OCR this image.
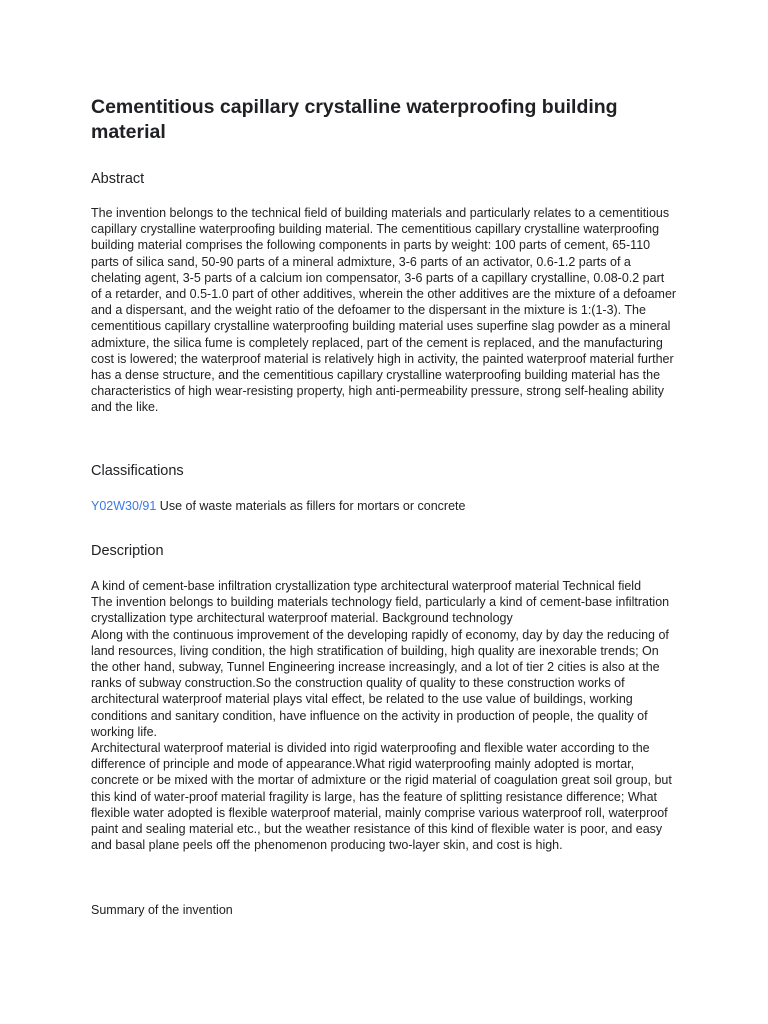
Cementitious capillary crystalline waterproofing building material
Abstract

The invention belongs to the technical field of building materials and particularly relates to a cementitious capillary crystalline waterproofing building material. The cementitious capillary crystalline waterproofing building material comprises the following components in parts by weight: 100 parts of cement, 65-110 parts of silica sand, 50-90 parts of a mineral admixture, 3-6 parts of an activator, 0.6-1.2 parts of a chelating agent, 3-5 parts of a calcium ion compensator, 3-6 parts of a capillary crystalline, 0.08-0.2 part of a retarder, and 0.5-1.0 part of other additives, wherein the other additives are the mixture of a defoamer and a dispersant, and the weight ratio of the defoamer to the dispersant in the mixture is 1:(1-3). The cementitious capillary crystalline waterproofing building material uses superfine slag powder as a mineral admixture, the silica fume is completely replaced, part of the cement is replaced, and the manufacturing cost is lowered; the waterproof material is relatively high in activity, the painted waterproof material further has a dense structure, and the cementitious capillary crystalline waterproofing building material has the characteristics of high wear-resisting property, high anti-permeability pressure, strong self-healing ability and the like.

Classifications

Y02W30/91 Use of waste materials as fillers for mortars or concrete

Description

A kind of cement-base infiltration crystallization type architectural waterproof material Technical field

The invention belongs to building materials technology field, particularly a kind of cement-base infiltration crystallization type architectural waterproof material. Background technology

Along with the continuous improvement of the developing rapidly of economy, day by day the reducing of land resources, living condition, the high stratification of building, high quality are inexorable trends; On the other hand, subway, Tunnel Engineering increase increasingly, and a lot of tier 2 cities is also at the ranks of subway construction.So the construction quality of quality to these construction works of architectural waterproof material plays vital effect, be related to the use value of buildings, working conditions and sanitary condition, have influence on the activity in production of people, the quality of working life.

Architectural waterproof material is divided into rigid waterproofing and flexible water according to the difference of principle and mode of appearance.What rigid waterproofing mainly adopted is mortar, concrete or be mixed with the mortar of admixture or the rigid material of coagulation great soil group, but this kind of water-proof material fragility is large, has the feature of splitting resistance difference; What flexible water adopted is flexible waterproof material, mainly comprise various waterproof roll, waterproof paint and sealing material etc., but the weather resistance of this kind of flexible water is poor, and easy and basal plane peels off the phenomenon producing two-layer skin, and cost is high.

Summary of the invention
